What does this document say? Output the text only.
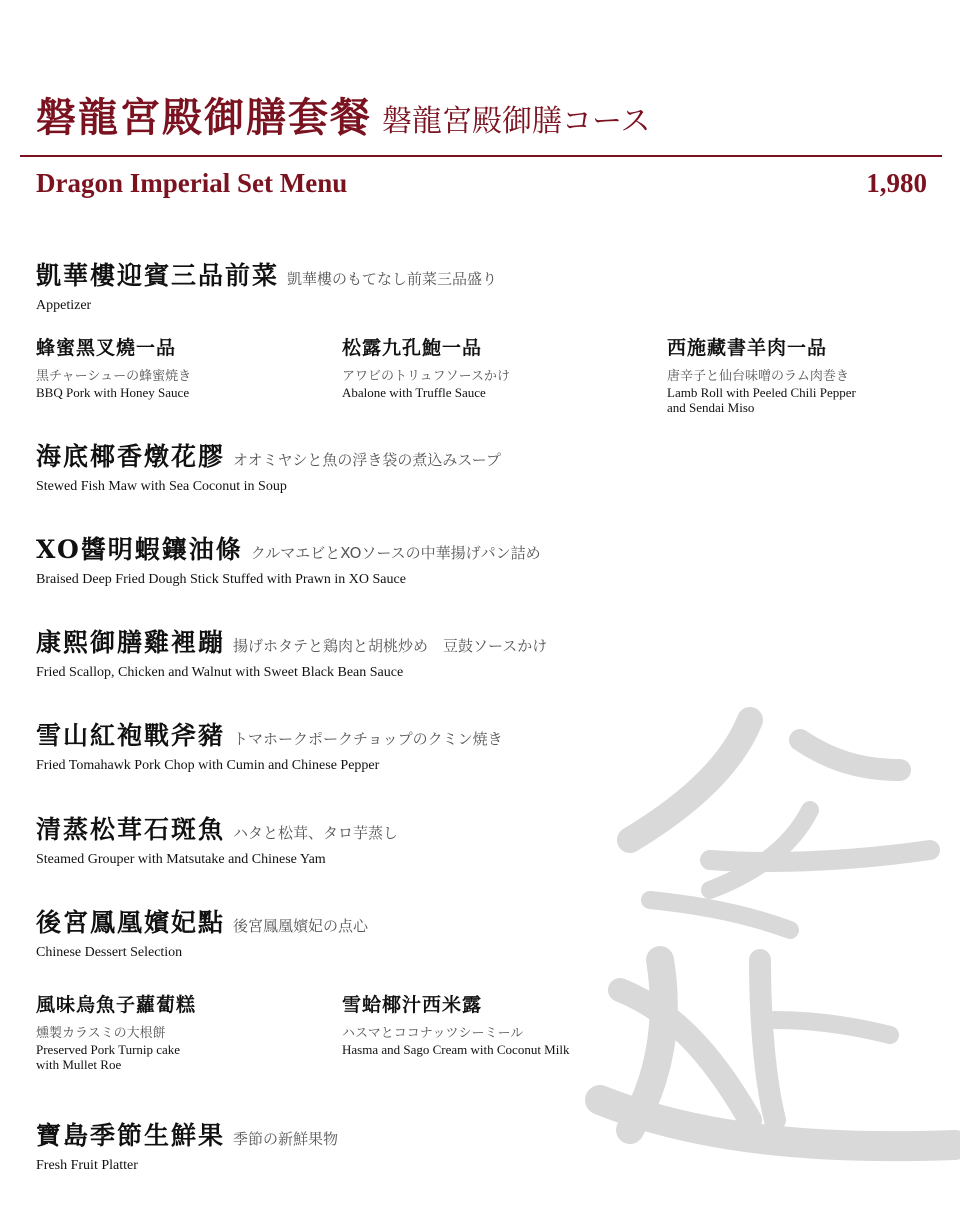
磐龍宮殿御膳套餐 磐龍宮殿御膳コース
Dragon Imperial Set Menu	1,980
凱華樓迎賓三品前菜 凱華樓のもてなし前菜三品盛り
Appetizer
蜂蜜黑叉燒一品
黒チャーシューの蜂蜜焼き
BBQ Pork with Honey Sauce
松露九孔鮑一品
アワビのトリュフソースかけ
Abalone with Truffle Sauce
西施藏書羊肉一品
唐辛子と仙台味噌のラム肉巻き
Lamb Roll with Peeled Chili Pepper
and Sendai Miso
海底椰香燉花膠 オオミヤシと魚の浮き袋の煮込みスープ
Stewed Fish Maw with Sea Coconut in Soup
XO醬明蝦鑲油條 クルマエビとXOソースの中華揚げパン詰め
Braised Deep Fried Dough Stick Stuffed with Prawn in XO Sauce
康熙御膳雞裡蹦 揚げホタテと鶏肉と胡桃炒め　豆鼓ソースかけ
Fried Scallop, Chicken and Walnut with Sweet Black Bean Sauce
雪山紅袍戰斧豬 トマホークポークチョップのクミン焼き
Fried Tomahawk Pork Chop with Cumin and Chinese Pepper
清蒸松茸石斑魚 ハタと松茸、タロ芋蒸し
Steamed Grouper with Matsutake and Chinese Yam
後宮鳳凰嬪妃點 後宮鳳凰嬪妃の点心
Chinese Dessert Selection
風味烏魚子蘿蔔糕
燻製カラスミの大根餅
Preserved Pork Turnip cake
with Mullet Roe
雪蛤椰汁西米露
ハスマとココナッツシーミール
Hasma and Sago Cream with Coconut Milk
寶島季節生鮮果 季節の新鮮果物
Fresh Fruit Platter
